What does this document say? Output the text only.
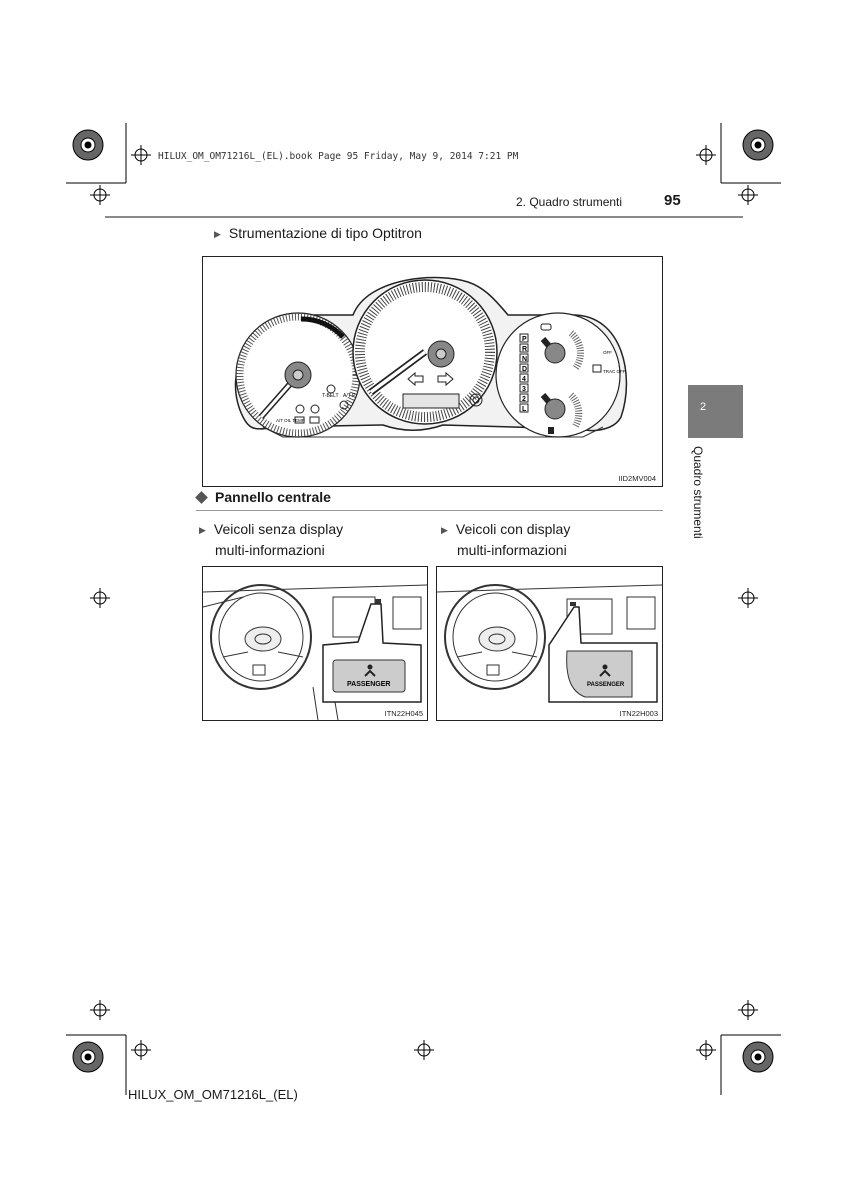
HILUX_OM_OM71216L_(EL).book Page 95 Friday, May 9, 2014 7:21 PM
2. Quadro strumenti	95
2
Quadro strumenti
▶ Strumentazione di tipo Optitron
P
R
N
D
4
3
2
L
T-BELT A/T P
A/T OIL TEMP
OFF
TRAC OFF
IID2MV004
Pannello centrale
▶ Veicoli senza display
multi-informazioni
▶ Veicoli con display
multi-informazioni
PASSENGER
ITN22H045
PASSENGER
ITN22H003
HILUX_OM_OM71216L_(EL)
